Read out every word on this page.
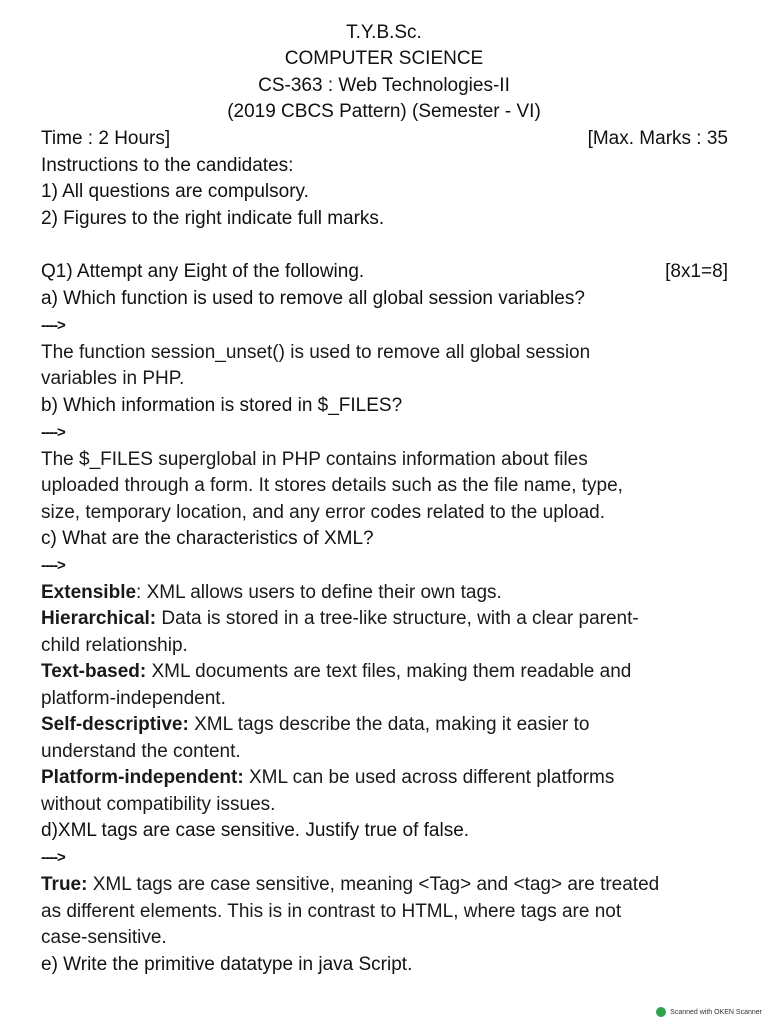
T.Y.B.Sc.
COMPUTER SCIENCE
CS-363 : Web Technologies-II
(2019 CBCS Pattern) (Semester - VI)
Time : 2 Hours]	[Max. Marks : 35
Instructions to the candidates:
1) All questions are compulsory.
2) Figures to the right indicate full marks.
Q1) Attempt any Eight of the following.	[8x1=8]
a) Which function is used to remove all global session variables?
---->
The function session_unset() is used to remove all global session
variables in PHP.
b) Which information is stored in $_FILES?
---->
The $_FILES superglobal in PHP contains information about files
uploaded through a form. It stores details such as the file name, type,
size, temporary location, and any error codes related to the upload.
c) What are the characteristics of XML?
---->
Extensible: XML allows users to define their own tags.
Hierarchical: Data is stored in a tree-like structure, with a clear parent-
child relationship.
Text-based: XML documents are text files, making them readable and
platform-independent.
Self-descriptive: XML tags describe the data, making it easier to
understand the content.
Platform-independent: XML can be used across different platforms
without compatibility issues.
d)XML tags are case sensitive. Justify true of false.
---->
True: XML tags are case sensitive, meaning <Tag> and <tag> are treated
as different elements. This is in contrast to HTML, where tags are not
case-sensitive.
e) Write the primitive datatype in java Script.
Scanned with OKEN Scanner
